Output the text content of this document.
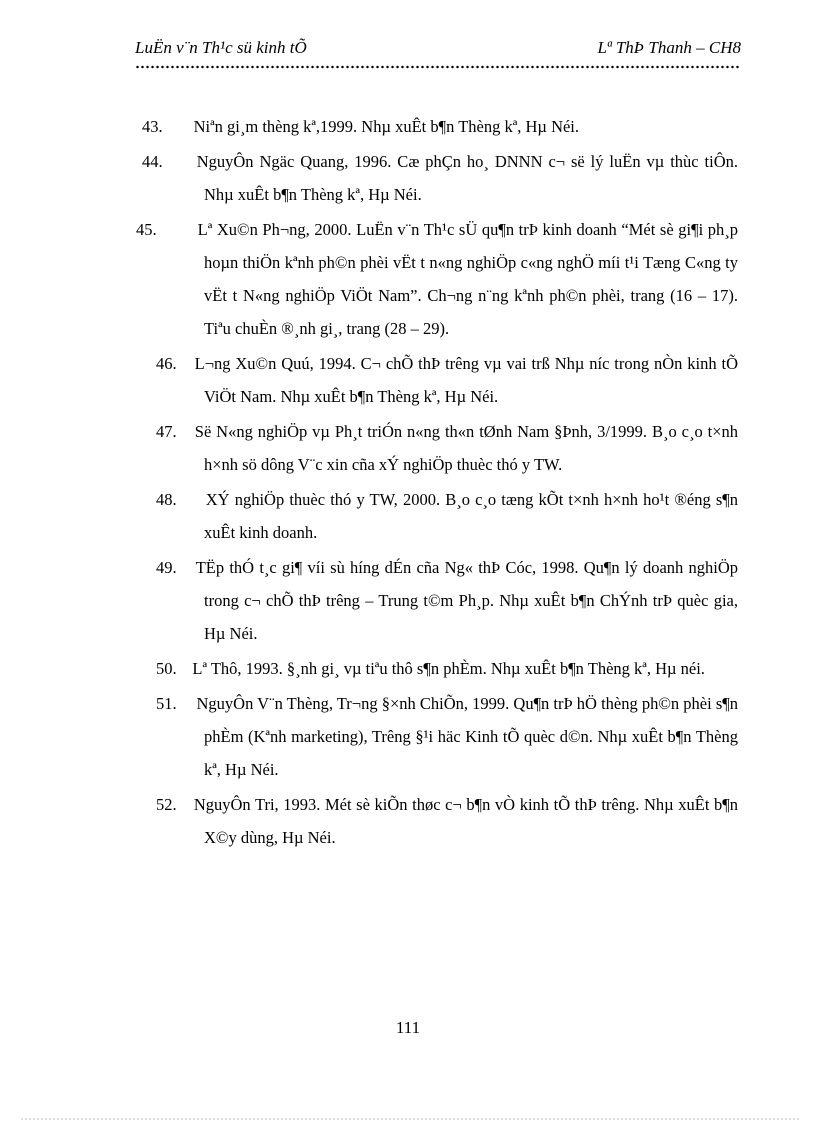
LuËn v¨n Th¹c sü kinh tÕ	Lª ThÞ Thanh – CH8
43. Niªn gi¸m thèng kª,1999. Nhµ xuÊt b¶n Thèng kª, Hµ Néi.
44. NguyÔn Ngäc Quang, 1996. Cæ phÇn ho¸ DNNN c¬ së lý luËn vµ thùc tiÔn. Nhµ xuÊt b¶n Thèng kª, Hµ Néi.
45. Lª Xu©n Ph¬ng, 2000. LuËn v¨n Th¹c sÜ qu¶n trÞ kinh doanh “Mét sè gi¶i ph¸p hoµn thiÖn kªnh ph©n phèi vËt t n«ng nghiÖp c«ng nghÖ míi t¹i Tæng C«ng ty vËt t N«ng nghiÖp ViÖt Nam”. Ch¬ng n¨ng kªnh ph©n phèi, trang (16 – 17). Tiªu chuÈn ®¸nh gi¸, trang (28 – 29).
46. L¬ng Xu©n Quú, 1994. C¬ chÕ thÞ trêng vµ vai trß Nhµ níc trong nÒn kinh tÕ ViÖt Nam. Nhµ xuÊt b¶n Thèng kª, Hµ Néi.
47. Së N«ng nghiÖp vµ Ph¸t triÓn n«ng th«n tØnh Nam §Þnh, 3/1999. B¸o c¸o t×nh h×nh sö dông V¨c xin cña xÝ nghiÖp thuèc thó y TW.
48. XÝ nghiÖp thuèc thó y TW, 2000. B¸o c¸o tæng kÕt t×nh h×nh ho¹t ®éng s¶n xuÊt kinh doanh.
49. TËp thÓ t¸c gi¶ víi sù híng dÉn cña Ng« thÞ Cóc, 1998. Qu¶n lý doanh nghiÖp trong c¬ chÕ thÞ trêng – Trung t©m Ph¸p. Nhµ xuÊt b¶n ChÝnh trÞ quèc gia, Hµ Néi.
50. Lª Thô, 1993. §¸nh gi¸ vµ tiªu thô s¶n phÈm. Nhµ xuÊt b¶n Thèng kª, Hµ néi.
51. NguyÔn V¨n Thèng, Tr¬ng §×nh ChiÕn, 1999. Qu¶n trÞ hÖ thèng ph©n phèi s¶n phÈm (Kªnh marketing), Trêng §¹i häc Kinh tÕ quèc d©n. Nhµ xuÊt b¶n Thèng kª, Hµ Néi.
52. NguyÔn Tri, 1993. Mét sè kiÕn thøc c¬ b¶n vÒ kinh tÕ thÞ trêng. Nhµ xuÊt b¶n X©y dùng, Hµ Néi.
111
